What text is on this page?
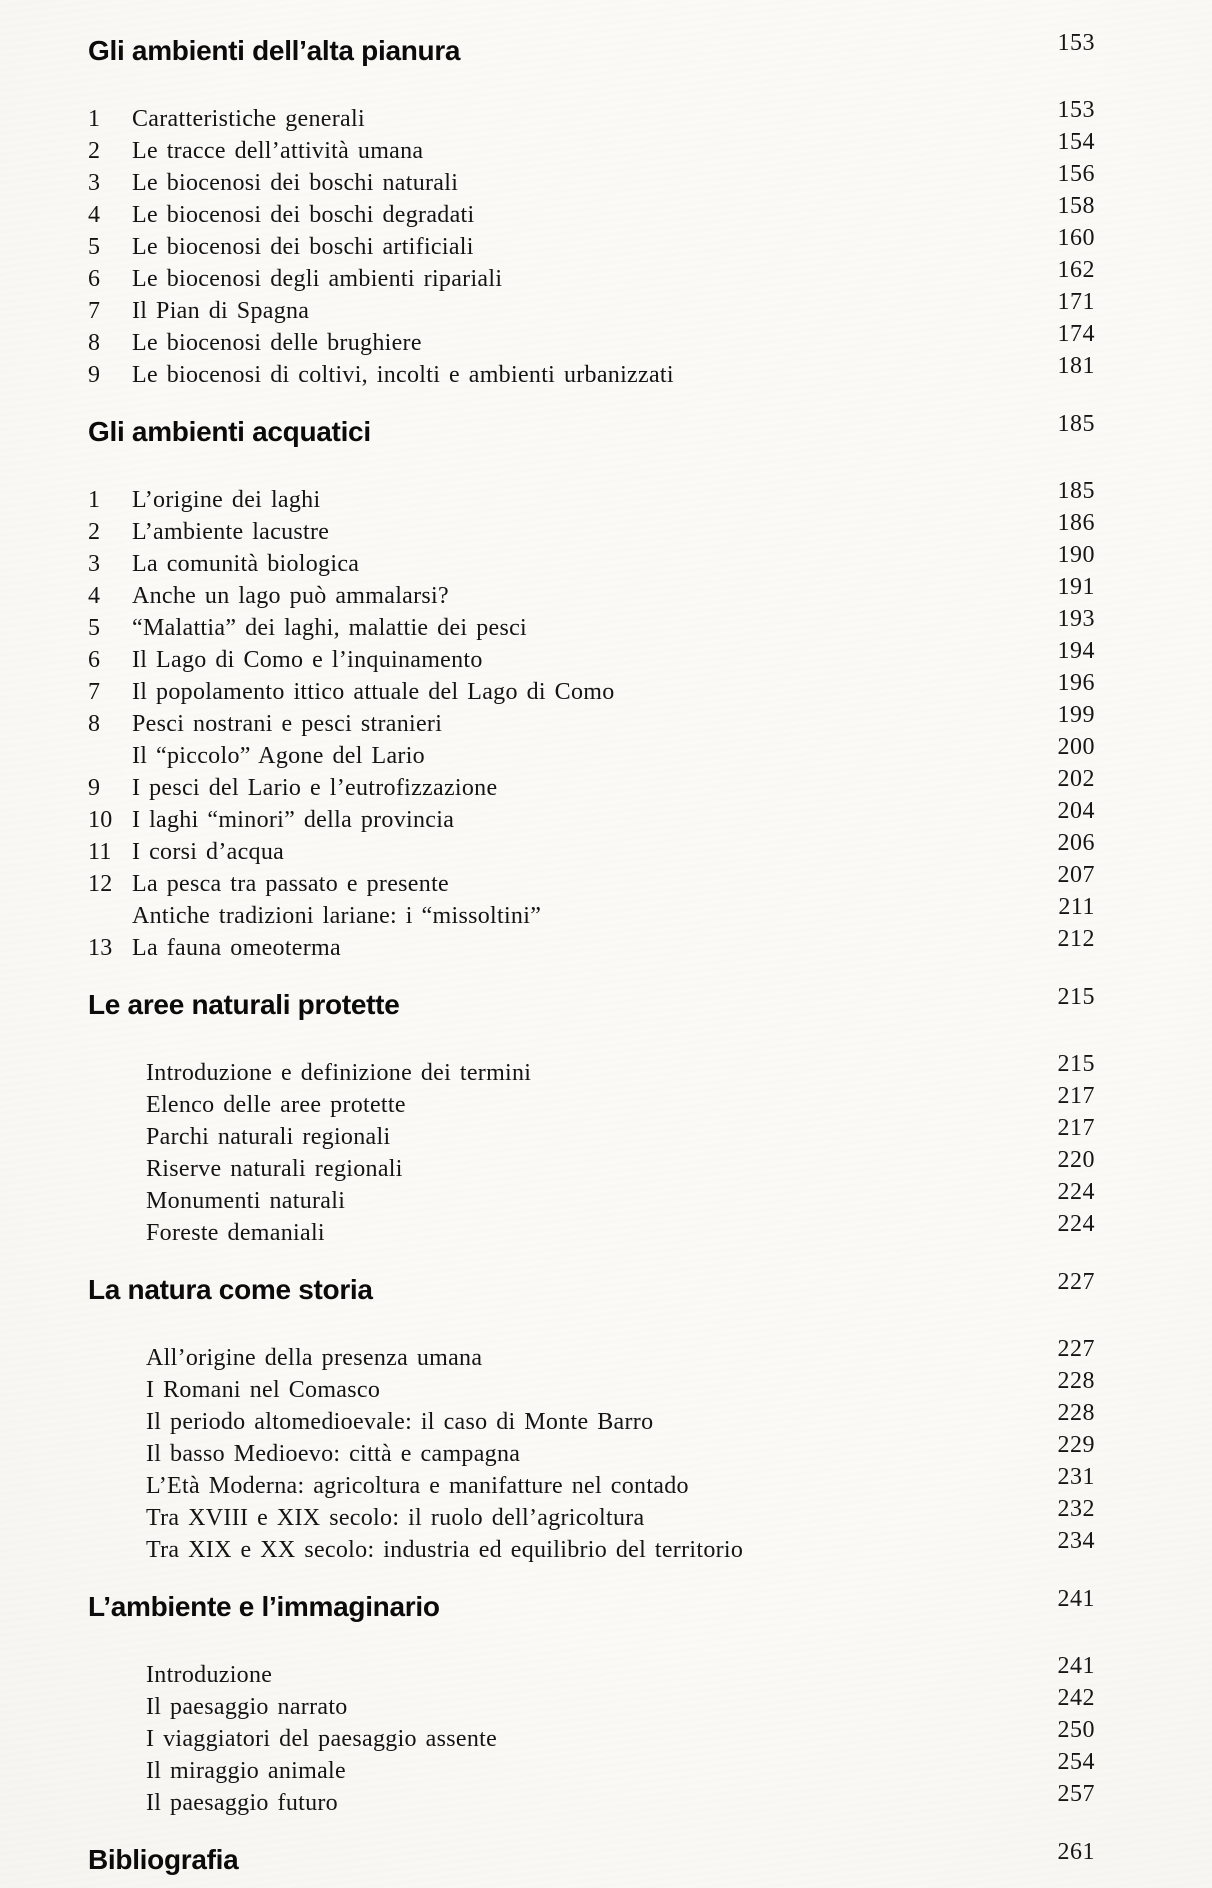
Gli ambienti dell’alta pianura	153
1	Caratteristiche generali	153
2	Le tracce dell’attività umana	154
3	Le biocenosi dei boschi naturali	156
4	Le biocenosi dei boschi degradati	158
5	Le biocenosi dei boschi artificiali	160
6	Le biocenosi degli ambienti ripariali	162
7	Il Pian di Spagna	171
8	Le biocenosi delle brughiere	174
9	Le biocenosi di coltivi, incolti e ambienti urbanizzati	181
Gli ambienti acquatici	185
1	L’origine dei laghi	185
2	L’ambiente lacustre	186
3	La comunità biologica	190
4	Anche un lago può ammalarsi?	191
5	“Malattia” dei laghi, malattie dei pesci	193
6	Il Lago di Como e l’inquinamento	194
7	Il popolamento ittico attuale del Lago di Como	196
8	Pesci nostrani e pesci stranieri	199
Il “piccolo” Agone del Lario	200
9	I pesci del Lario e l’eutrofizzazione	202
10 I laghi “minori” della provincia	204
11 I corsi d’acqua	206
12 La pesca tra passato e presente	207
Antiche tradizioni lariane: i “missoltini”	211
13 La fauna omeoterma	212
Le aree naturali protette	215
Introduzione e definizione dei termini	215
Elenco delle aree protette	217
Parchi naturali regionali	217
Riserve naturali regionali	220
Monumenti naturali	224
Foreste demaniali	224
La natura come storia	227
All’origine della presenza umana	227
I Romani nel Comasco	228
Il periodo altomedioevale: il caso di Monte Barro	228
Il basso Medioevo: città e campagna	229
L’Età Moderna: agricoltura e manifatture nel contado	231
Tra XVIII e XIX secolo: il ruolo dell’agricoltura	232
Tra XIX e XX secolo: industria ed equilibrio del territorio	234
L’ambiente e l’immaginario	241
Introduzione	241
Il paesaggio narrato	242
I viaggiatori del paesaggio assente	250
Il miraggio animale	254
Il paesaggio futuro	257
Bibliografia	261
